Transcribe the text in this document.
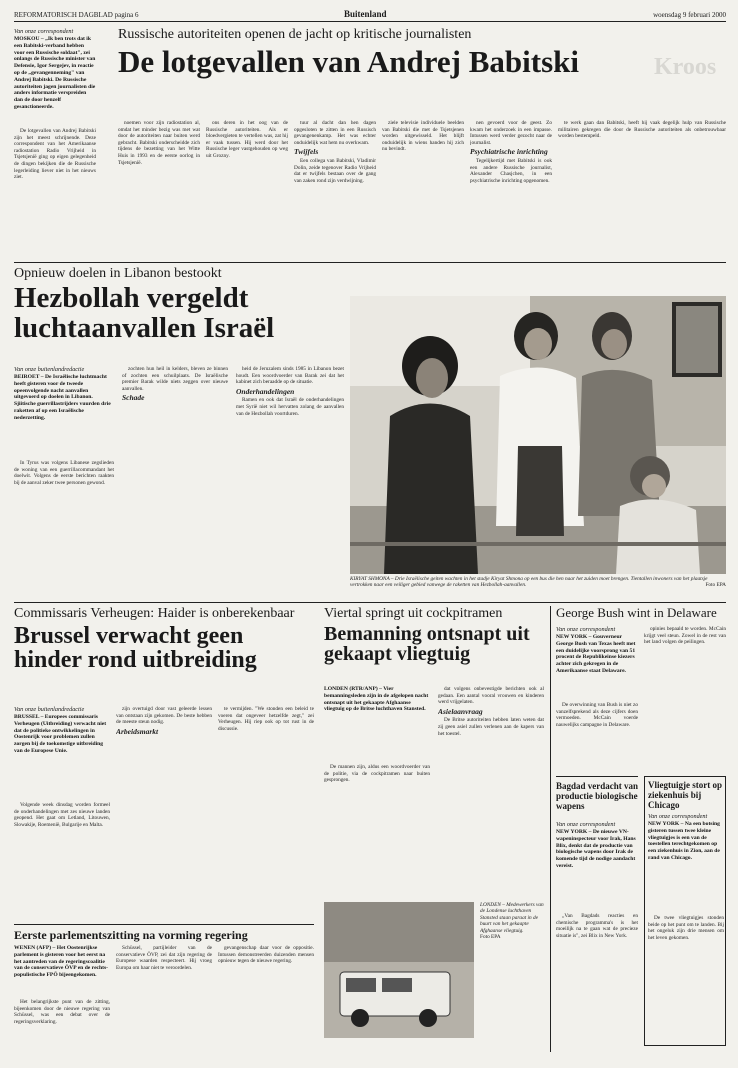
REFORMATORISCH DAGBLAD pagina 6	Buitenland	woensdag 9 februari 2000
Van onze correspondent
MOSKOU – „Ik ben trots dat ik een Babitski-verband hebben voor een Russische soldaat", zei onlangs de Russische minister van Defensie, Igor Sergejev, in reactie op de „gevangenneming" van Andrej Babitski. De Russische autoriteiten jagen journalisten die anders informatie verspreiden dan de door henzelf gesanctioneerde.

De lotgevallen van Andrej Babitski zijn het meest schrijnende. Deze correspondent van het Amerikaanse radiostation Radio Vrijheid in Tsjetsjenië ging op eigen gelegenheid de dingen bekijken die de Russische legerleiding liever niet in het nieuws ziet.

Russische autoriteiten openen de jacht op kritische journalisten
De lotgevallen van Andrej Babitski	Kroos

noemen voor zijn radiostation al, omdat het minder bezig was met wat door de autoriteiten naar buiten werd gebracht. Babitski onderscheidde zich tijdens de bezetting van het Witte Huis in 1993 en de eerste oorlog in Tsjetsjenië.

ons deren in het oog van de Russische autoriteiten. Als er bloedvergieten te vertellen was, zat hij er vaak tussen. Hij werd door het Russische leger vastgehouden op weg uit Grozny.

tuur al dacht dan hen dagen opgesloten te zitten in een Russisch gevangenenkamp. Het was echter onduidelijk wat hem nu overkwam.

Twijfels

Een collega van Babitski, Vladimir Dolin, zeide tegenover Radio Vrijheid dat er twijfels bestaan over de gang van zaken rond zijn verdwijning.

ziele televisie individuele beelden van Babitski die met de Tsjetsjenen worden uitgewisseld. Het blijft onduidelijk in wiens handen hij zich nu bevindt.

nen gevoerd voor de geest. Zo kwam het onderzoek in een impasse. Intussen werd verder gezocht naar de journalist.

Psychiatrische inrichting

Tegelijkertijd met Babitski is ook een andere Russische journalist, Alexander Chasjchen, in een psychiatrische inrichting opgenomen.

te werk gaan dan Babitski, heeft hij vaak degelijk hulp van Russische militairen gekregen die door de Russische autoriteiten als onbetrouwbaar worden bestempeld.

Opnieuw doelen in Libanon bestookt
Hezbollah vergeldt luchtaanvallen Israël
Van onze buitenlandredactie
BEIROET – De Israëlische luchtmacht heeft gisteren voor de tweede opeenvolgende nacht aanvallen uitgevoerd op doelen in Libanon. Sjiitische guerrillastrijders vuurden drie raketten af op een Israëlische nederzetting.

In Tyrus was volgens Libanese zegslieden de woning van een guerrillacommandant het doelwit. Volgens de eerste berichten raakten bij de aanval zeker twee personen gewond.

zochten hun heil in kelders, bleven ze binnen of zochten een schuilplaats. De Israëlische premier Barak wilde niets zeggen over nieuwe aanvallen.

Schade

heid de Jeruzalem sinds 1985 in Libanon bezet houdt. Een woordvoerder van Barak zei dat het kabinet zich beraadde op de situatie.

Onderhandelingen

Ramen en ook dat Israël de onderhandelingen met Syrië niet wil hervatten zolang de aanvallen van de Hezbollah voortduren.

KIRYAT SHMONA – Drie Israëlische geiten wachten in het stadje Kiryat Shmona op een bus die hen naar het zuiden moet brengen. Tientallen inwoners van het plaatsje vertrokken naar een veiliger gebied vanwege de raketten van Hezbollah-aanvallen.	Foto EPA
Commissaris Verheugen: Haider is onberekenbaar
Brussel verwacht geen hinder rond uitbreiding
Van onze buitenlandredactie
BRUSSEL – Europees commissaris Verheugen (Uitbreiding) verwacht niet dat de politieke ontwikkelingen in Oostenrijk voor problemen zullen zorgen bij de toekomstige uitbreiding van de Europese Unie.

Volgende week dinsdag worden formeel de onderhandelingen met zes nieuwe landen geopend. Het gaat om Letland, Litouwen, Slowakije, Roemenië, Bulgarije en Malta.

zijn overtuigd door vast geleerde lessen van ontstaan zijn gekomen. De beste hebben de meeste steun nodig.

Arbeidsmarkt

te vermijden. "We stonden een beleid te voeren dat ongeveer hetzelfde zegt," zei Verheugen. Hij riep ook op tot rust in de discussie.

Eerste parlementszitting na vorming regering
WENEN (AFP) – Het Oostenrijkse parlement is gisteren voor het eerst na het aantreden van de regeringscoalitie van de conservatieve ÖVP en de rechts-populistische FPÖ bijeengekomen.

Het belangrijkste punt van de zitting, bijeenkomen door de nieuwe regering van Schüssel, was een debat over de regeringsverklaring.

Schüssel, partijleider van de conservatieve ÖVP, zei dat zijn regering de Europese waarden respecteert. Hij vroeg Europa om haar niet te veroordelen.

gevangenschap daar voor de oppositie. Intussen demonstreerden duizenden mensen opnieuw tegen de nieuwe regering.

Viertal springt uit cockpitramen
Bemanning ontsnapt uit gekaapt vliegtuig
LONDEN (RTR/ANP) – Vier bemanningsleden zijn in de afgelopen nacht ontsnapt uit het gekaapte Afghaanse vliegtuig op de Britse luchthaven Stansted.

De mannen zijn, aldus een woordvoerder van de politie, via de cockpitramen naar buiten gesprongen.

dat volgens onbevestigde berichten ook al gedaan. Een aantal vooral vrouwen en kinderen werd vrijgelaten.

Asielaanvraag

De Britse autoriteiten hebben laten weten dat zij geen asiel zullen verlenen aan de kapers van het toestel.

LONDEN – Medewerkers van de Londense luchthaven Stansted staan paraat in de buurt van het gekaapte Afghaanse vliegtuig.
Foto EPA
George Bush wint in Delaware
Van onze correspondent
NEW YORK – Gouverneur George Bush van Texas heeft met een duidelijke voorsprong van 51 procent de Republikeinse kiezers achter zich gekregen in de Amerikaanse staat Delaware.

De overwinning van Bush is niet zo vanzelfsprekend als deze cijfers doen vermoeden. McCain voerde nauwelijks campagne in Delaware.

opinies bepaald te worden. McCain krijgt veel steun. Zowel in de rest van het land volgen de peilingen.

Bagdad verdacht van productie biologische wapens
Van onze correspondent
NEW YORK – De nieuwe VN-wapeninspecteur voor Irak, Hans Blix, denkt dat de productie van biologische wapens door Irak de komende tijd de nodige aandacht vereist.

„Van Bagdads reacties en chemische programma's is het moeilijk na te gaan wat de precieze situatie is", zei Blix in New York.

Vliegtuigje stort op ziekenhuis bij Chicago
Van onze correspondent
NEW YORK – Na een botsing gisteren tussen twee kleine vliegtuigjes is een van de toestellen terechtgekomen op een ziekenhuis in Zion, aan de rand van Chicago.

De twee vliegtuigjes stonden beide op het punt om te landen. Bij het ongeluk zijn drie mensen om het leven gekomen.
